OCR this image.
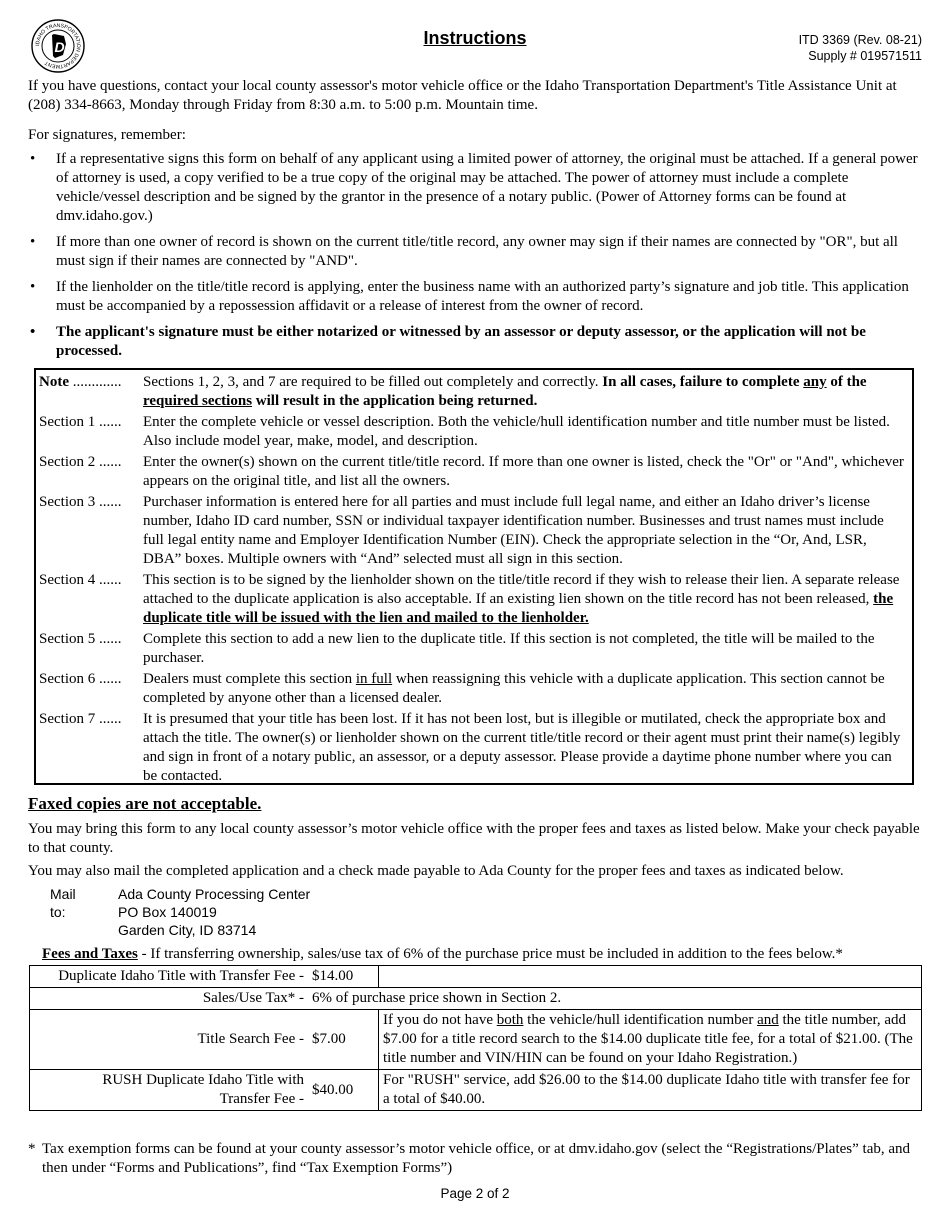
IDAHO TRANSPORTATION DEPARTMENT
D	Instructions	ITD 3369 (Rev. 08-21)
Supply # 019571511
If you have questions, contact your local county assessor's motor vehicle office or the Idaho Transportation Department's Title Assistance Unit at (208) 334-8663, Monday through Friday from 8:30 a.m. to 5:00 p.m. Mountain time.
For signatures, remember:
• If a representative signs this form on behalf of any applicant using a limited power of attorney, the original must be attached. If a general power of attorney is used, a copy verified to be a true copy of the original may be attached. The power of attorney must include a complete vehicle/vessel description and be signed by the grantor in the presence of a notary public. (Power of Attorney forms can be found at dmv.idaho.gov.)
• If more than one owner of record is shown on the current title/title record, any owner may sign if their names are connected by "OR", but all must sign if their names are connected by "AND".
• If the lienholder on the title/title record is applying, enter the business name with an authorized party’s signature and job title. This application must be accompanied by a repossession affidavit or a release of interest from the owner of record.
• The applicant's signature must be either notarized or witnessed by an assessor or deputy assessor, or the application will not be processed.
Note .............	Sections 1, 2, 3, and 7 are required to be filled out completely and correctly. In all cases, failure to complete any of the required sections will result in the application being returned.
Section 1 ......	Enter the complete vehicle or vessel description. Both the vehicle/hull identification number and title number must be listed. Also include model year, make, model, and description.
Section 2 ......	Enter the owner(s) shown on the current title/title record. If more than one owner is listed, check the "Or" or "And", whichever appears on the original title, and list all the owners.
Section 3 ......	Purchaser information is entered here for all parties and must include full legal name, and either an Idaho driver’s license number, Idaho ID card number, SSN or individual taxpayer identification number. Businesses and trust names must include full legal entity name and Employer Identification Number (EIN). Check the appropriate selection in the “Or, And, LSR, DBA” boxes. Multiple owners with “And” selected must all sign in this section.
Section 4 ......	This section is to be signed by the lienholder shown on the title/title record if they wish to release their lien. A separate release attached to the duplicate application is also acceptable. If an existing lien shown on the title record has not been released, the duplicate title will be issued with the lien and mailed to the lienholder.
Section 5 ......	Complete this section to add a new lien to the duplicate title. If this section is not completed, the title will be mailed to the purchaser.
Section 6 ......	Dealers must complete this section in full when reassigning this vehicle with a duplicate application. This section cannot be completed by anyone other than a licensed dealer.
Section 7 ......	It is presumed that your title has been lost. If it has not been lost, but is illegible or mutilated, check the appropriate box and attach the title. The owner(s) or lienholder shown on the current title/title record or their agent must print their name(s) legibly and sign in front of a notary public, an assessor, or a deputy assessor. Please provide a daytime phone number where you can be contacted.
Faxed copies are not acceptable.
You may bring this form to any local county assessor’s motor vehicle office with the proper fees and taxes as listed below. Make your check payable to that county.
You may also mail the completed application and a check made payable to Ada County for the proper fees and taxes as indicated below.
Mail to:
Ada County Processing Center
PO Box 140019
Garden City, ID 83714
Fees and Taxes - If transferring ownership, sales/use tax of 6% of the purchase price must be included in addition to the fees below.*
Duplicate Idaho Title with Transfer Fee -	$14.00	
Sales/Use Tax* -	6% of purchase price shown in Section 2.	
Title Search Fee -	$7.00	If you do not have both the vehicle/hull identification number and the title number, add $7.00 for a title record search to the $14.00 duplicate title fee, for a total of $21.00. (The title number and VIN/HIN can be found on your Idaho Registration.)

RUSH Duplicate Idaho Title with
Transfer Fee -	$40.00	For "RUSH" service, add $26.00 to the $14.00 duplicate Idaho title with transfer fee for a total of $40.00.
* Tax exemption forms can be found at your county assessor’s motor vehicle office, or at dmv.idaho.gov (select the “Registrations/Plates” tab, and then under “Forms and Publications”, find “Tax Exemption Forms”)
Page 2 of 2
